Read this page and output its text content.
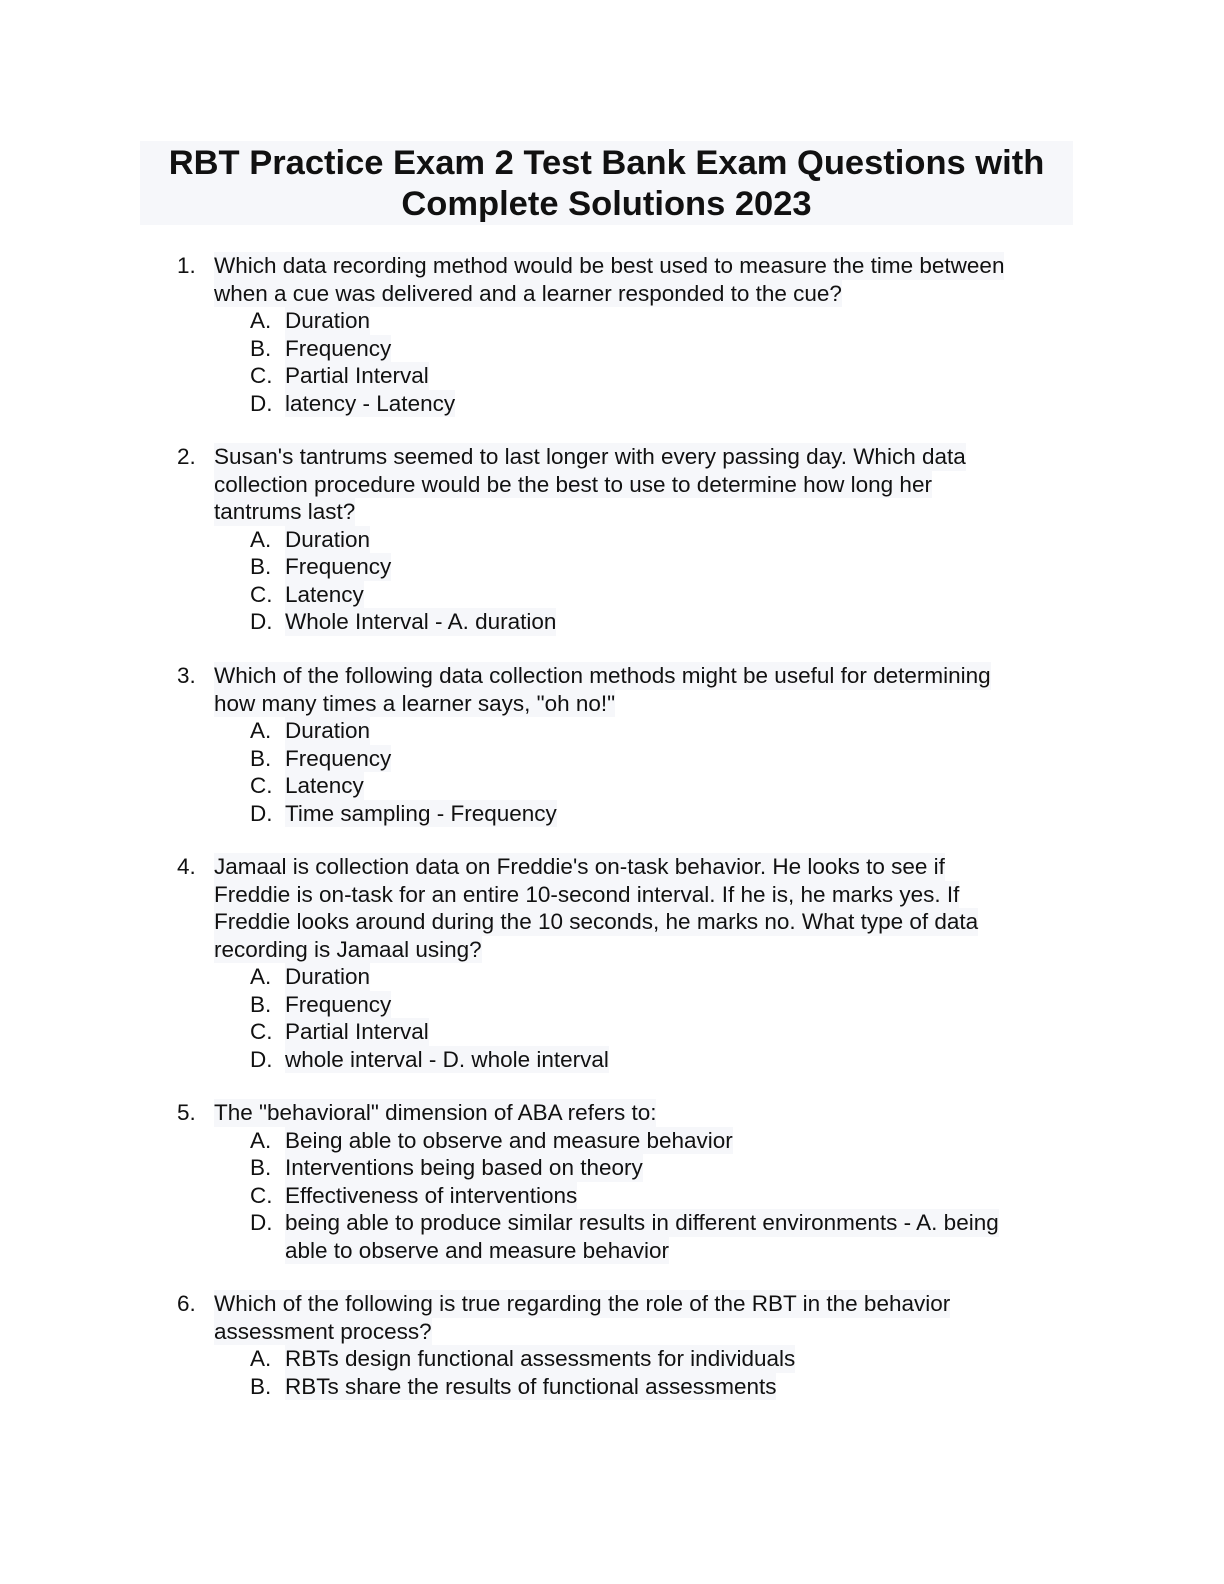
RBT Practice Exam 2 Test Bank Exam Questions with
Complete Solutions 2023
1. Which data recording method would be best used to measure the time between
when a cue was delivered and a learner responded to the cue?
A. Duration
B. Frequency
C. Partial Interval
D. latency - Latency
2. Susan's tantrums seemed to last longer with every passing day. Which data
collection procedure would be the best to use to determine how long her
tantrums last?
A. Duration
B. Frequency
C. Latency
D. Whole Interval - A. duration
3. Which of the following data collection methods might be useful for determining
how many times a learner says, "oh no!"
A. Duration
B. Frequency
C. Latency
D. Time sampling - Frequency
4. Jamaal is collection data on Freddie's on-task behavior. He looks to see if
Freddie is on-task for an entire 10-second interval. If he is, he marks yes. If
Freddie looks around during the 10 seconds, he marks no. What type of data
recording is Jamaal using?
A. Duration
B. Frequency
C. Partial Interval
D. whole interval - D. whole interval
5. The "behavioral" dimension of ABA refers to:
A. Being able to observe and measure behavior
B. Interventions being based on theory
C. Effectiveness of interventions
D. being able to produce similar results in different environments - A. being
able to observe and measure behavior
6. Which of the following is true regarding the role of the RBT in the behavior
assessment process?
A. RBTs design functional assessments for individuals
B. RBTs share the results of functional assessments
